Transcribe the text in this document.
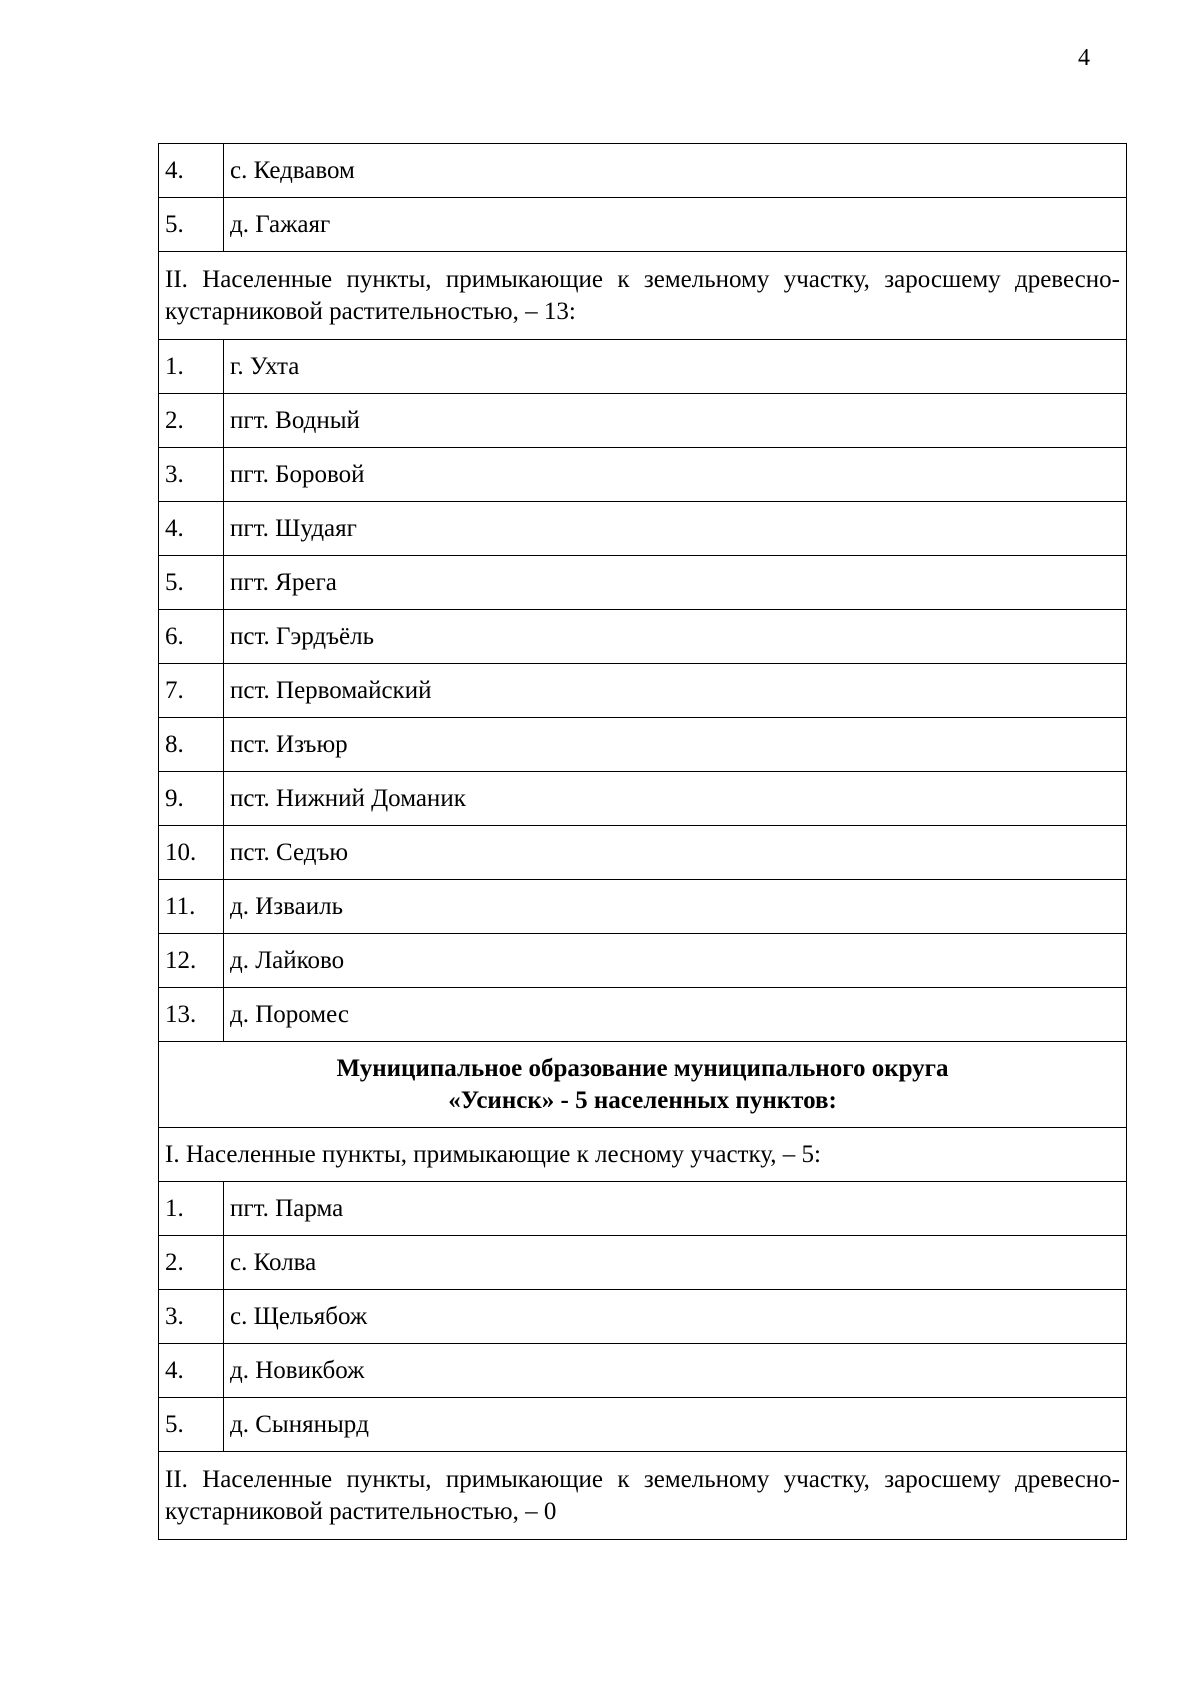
4
4.	с. Кедвавом
5.	д. Гажаяг
II. Населенные пункты, примыкающие к земельному участку, заросшему древесно-кустарниковой растительностью, – 13:	
1.	г. Ухта
2.	пгт. Водный
3.	пгт. Боровой
4.	пгт. Шудаяг
5.	пгт. Ярега
6.	пст. Гэрдъёль
7.	пст. Первомайский
8.	пст. Изъюр
9.	пст. Нижний Доманик
10.	пст. Седъю
11.	д. Изваиль
12.	д. Лайково
13.	д. Поромес

Муниципальное образование муниципального округа
«Усинск» - 5 населенных пунктов:	

I. Населенные пункты, примыкающие к лесному участку, – 5:	
1.	пгт. Парма
2.	с. Колва
3.	с. Щельябож
4.	д. Новикбож
5.	д. Сыняныpд
II. Населенные пункты, примыкающие к земельному участку, заросшему древесно-кустарниковой растительностью, – 0	
